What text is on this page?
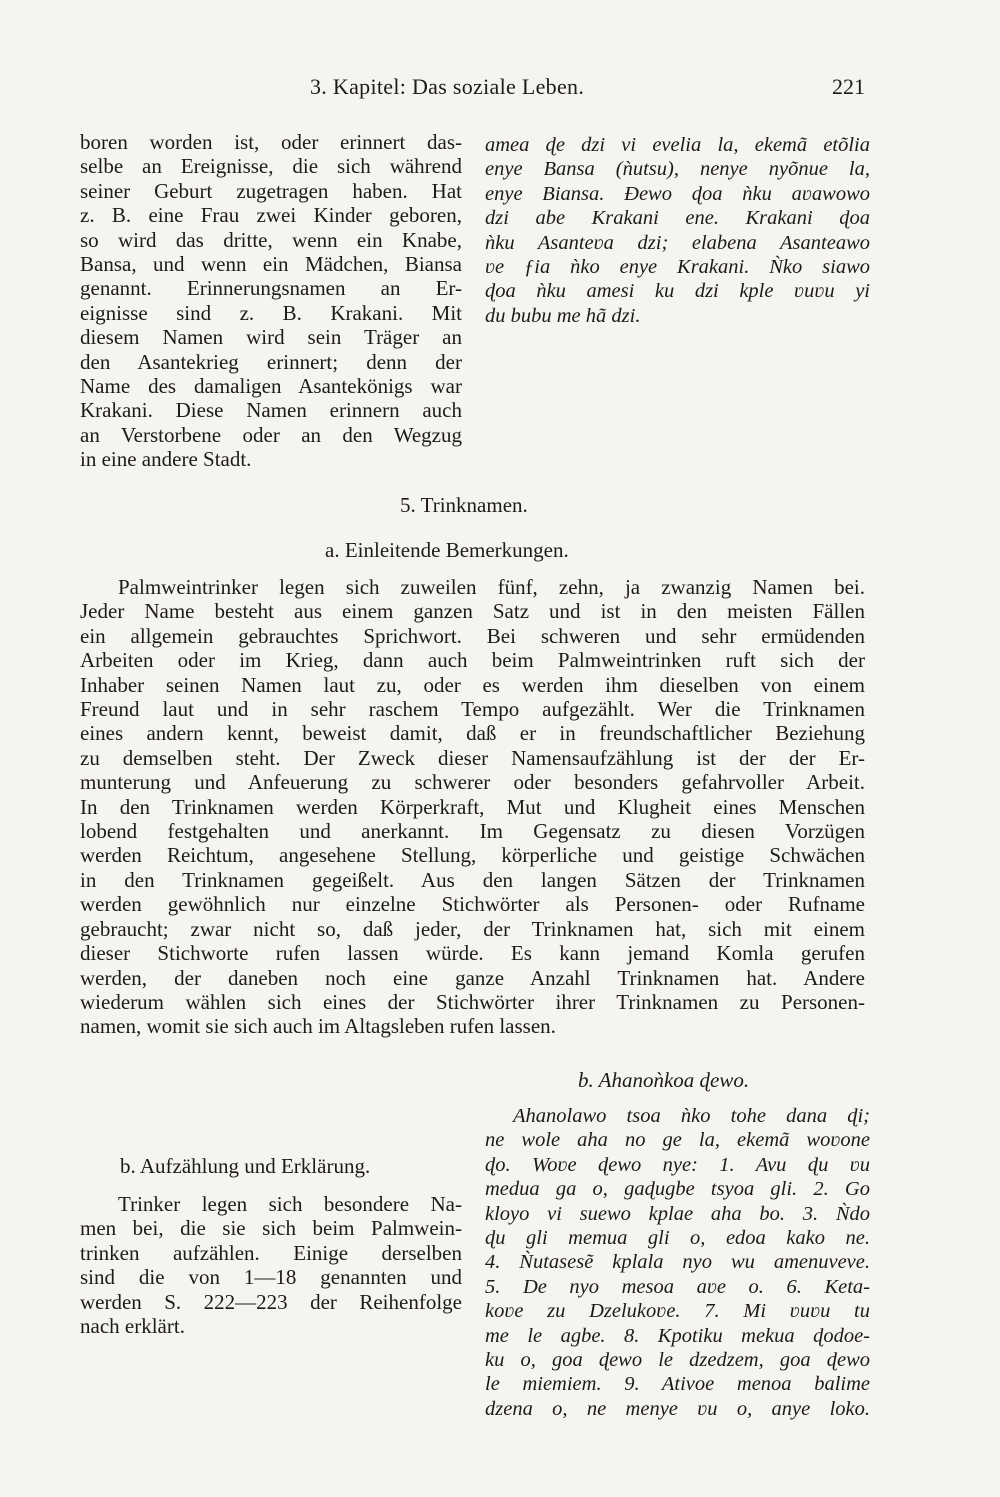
3. Kapitel: Das soziale Leben.	221
boren worden ist, oder erinnert das-
selbe an Ereignisse, die sich während
seiner Geburt zugetragen haben. Hat
z. B. eine Frau zwei Kinder geboren,
so wird das dritte, wenn ein Knabe,
Bansa, und wenn ein Mädchen, Biansa
genannt. Erinnerungsnamen an Er-
eignisse sind z. B. Krakani. Mit
diesem Namen wird sein Träger an
den Asantekrieg erinnert; denn der
Name des damaligen Asantekönigs war
Krakani. Diese Namen erinnern auch
an Verstorbene oder an den Wegzug
in eine andere Stadt.
amea ɖe dzi vi evelia la, ekemã etõlia
enye Bansa (ǹutsu), nenye nyõnue la,
enye Biansa. Ɖewo ɖoa ǹku aʋawowo
dzi abe Krakani ene. Krakani ɖoa
ǹku Asanteʋa dzi; elabena Asanteawo
ʋe ƒia ǹko enye Krakani. Ǹko siawo
ɖoa ǹku amesi ku dzi kple ʋuʋu yi
du bubu me hã dzi.
5. Trinknamen.
a. Einleitende Bemerkungen.
Palmweintrinker legen sich zuweilen fünf, zehn, ja zwanzig Namen bei.
Jeder Name besteht aus einem ganzen Satz und ist in den meisten Fällen
ein allgemein gebrauchtes Sprichwort. Bei schweren und sehr ermüdenden
Arbeiten oder im Krieg, dann auch beim Palmweintrinken ruft sich der
Inhaber seinen Namen laut zu, oder es werden ihm dieselben von einem
Freund laut und in sehr raschem Tempo aufgezählt. Wer die Trinknamen
eines andern kennt, beweist damit, daß er in freundschaftlicher Beziehung
zu demselben steht. Der Zweck dieser Namensaufzählung ist der der Er-
munterung und Anfeuerung zu schwerer oder besonders gefahrvoller Arbeit.
In den Trinknamen werden Körperkraft, Mut und Klugheit eines Menschen
lobend festgehalten und anerkannt. Im Gegensatz zu diesen Vorzügen
werden Reichtum, angesehene Stellung, körperliche und geistige Schwächen
in den Trinknamen gegeißelt. Aus den langen Sätzen der Trinknamen
werden gewöhnlich nur einzelne Stichwörter als Personen- oder Rufname
gebraucht; zwar nicht so, daß jeder, der Trinknamen hat, sich mit einem
dieser Stichworte rufen lassen würde. Es kann jemand Komla gerufen
werden, der daneben noch eine ganze Anzahl Trinknamen hat. Andere
wiederum wählen sich eines der Stichwörter ihrer Trinknamen zu Personen-
namen, womit sie sich auch im Altagsleben rufen lassen.
b. Ahanoǹkoa ɖewo.
b. Aufzählung und Erklärung.
Trinker legen sich besondere Na-
men bei, die sie sich beim Palmwein-
trinken aufzählen. Einige derselben
sind die von 1—18 genannten und
werden S. 222—223 der Reihenfolge
nach erklärt.
Ahanolawo tsoa ǹko tohe dana ɖi;
ne wole aha no ge la, ekemã woʋone
ɖo. Woʋe ɖewo nye: 1. Avu ɖu ʋu
medua ga o, gaɖugbe tsyoa gli. 2. Go
kloyo vi suewo kplae aha bo. 3. Ǹdo
ɖu gli memua gli o, edoa kako ne.
4. Ǹutasesẽ kplala nyo wu amenuveve.
5. De nyo mesoa aʋe o. 6. Keta-
koʋe zu Dzelukoʋe. 7. Mi ʋuʋu tu
me le agbe. 8. Kpotiku mekua ɖodoe-
ku o, goa ɖewo le dzedzem, goa ɖewo
le miemiem. 9. Ativoe menoa balime
dzena o, ne menye ʋu o, anye loko.
